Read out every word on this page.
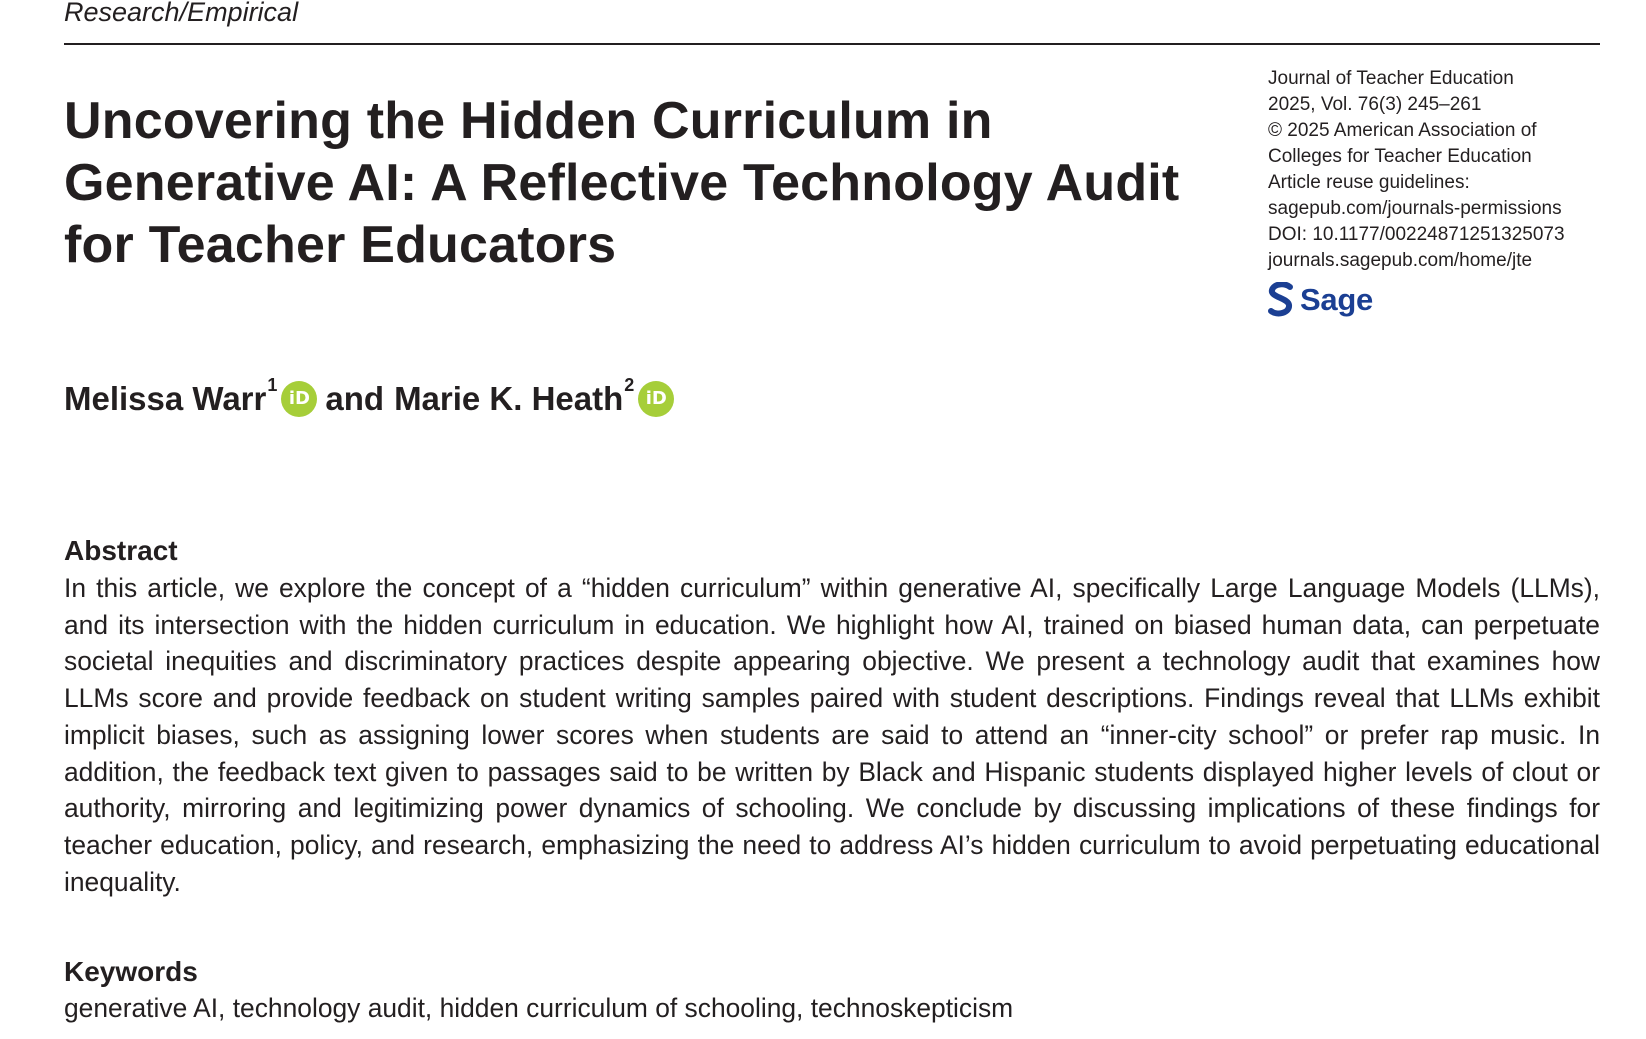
Research/Empirical
Uncovering the Hidden Curriculum in Generative AI: A Reflective Technology Audit for Teacher Educators
Journal of Teacher Education
2025, Vol. 76(3) 245–261
© 2025 American Association of
Colleges for Teacher Education
Article reuse guidelines:
sagepub.com/journals-permissions
DOI: 10.1177/00224871251325073
journals.sagepub.com/home/jte
Sage
Melissa Warr$^1$
iD and Marie K. Heath$^2$
iD
Abstract

In this article, we explore the concept of a “hidden curriculum” within generative AI, specifically Large Language Models (LLMs), and its intersection with the hidden curriculum in education. We highlight how AI, trained on biased human data, can perpetuate societal inequities and discriminatory practices despite appearing objective. We present a technology audit that examines how LLMs score and provide feedback on student writing samples paired with student descriptions. Findings reveal that LLMs exhibit implicit biases, such as assigning lower scores when students are said to attend an “inner-city school” or prefer rap music. In addition, the feedback text given to passages said to be written by Black and Hispanic students displayed higher levels of clout or authority, mirroring and legitimizing power dynamics of schooling. We conclude by discussing implications of these findings for teacher education, policy, and research, emphasizing the need to address AI’s hidden curriculum to avoid perpetuating educational inequality.

Keywords

generative AI, technology audit, hidden curriculum of schooling, technoskepticism
